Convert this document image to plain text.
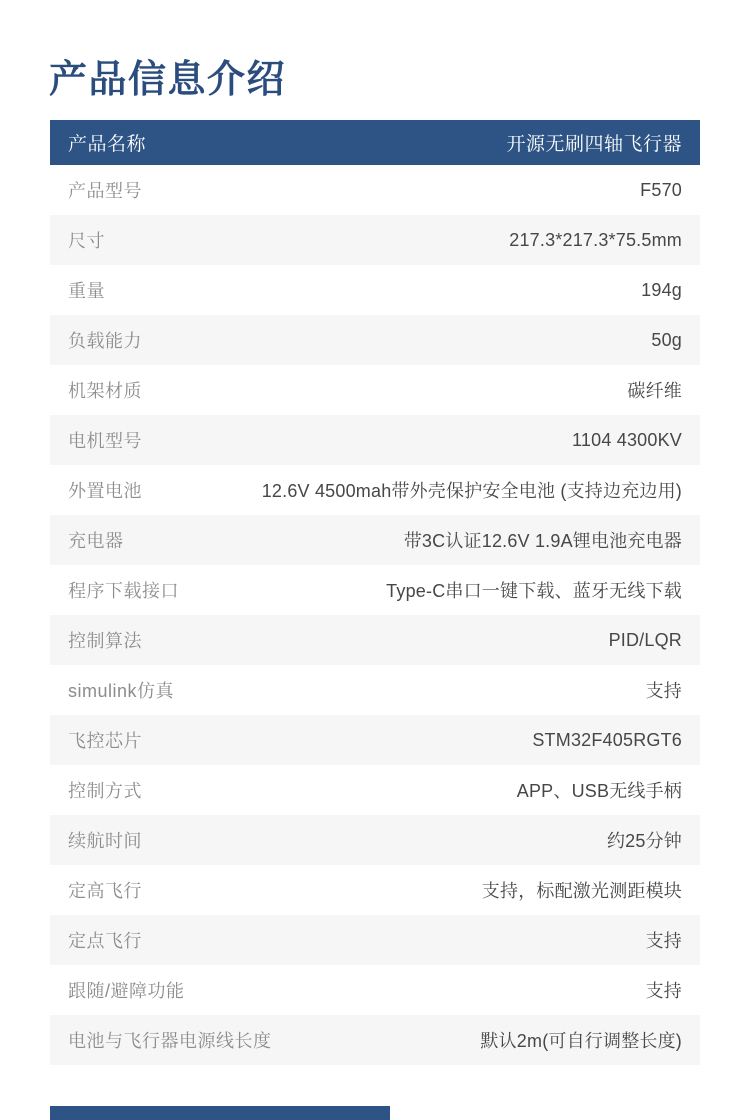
产品信息介绍
产品名称	开源无刷四轴飞行器
产品型号	F570
尺寸	217.3*217.3*75.5mm
重量	194g
负载能力	50g
机架材质	碳纤维
电机型号	1104 4300KV
外置电池	12.6V 4500mah带外壳保护安全电池 (支持边充边用)
充电器	带3C认证12.6V 1.9A锂电池充电器
程序下载接口	Type-C串口一键下载、蓝牙无线下载
控制算法	PID/LQR
simulink仿真	支持
飞控芯片	STM32F405RGT6
控制方式	APP、USB无线手柄
续航时间	约25分钟
定高飞行	支持，标配激光测距模块
定点飞行	支持
跟随/避障功能	支持
电池与飞行器电源线长度	默认2m(可自行调整长度)
